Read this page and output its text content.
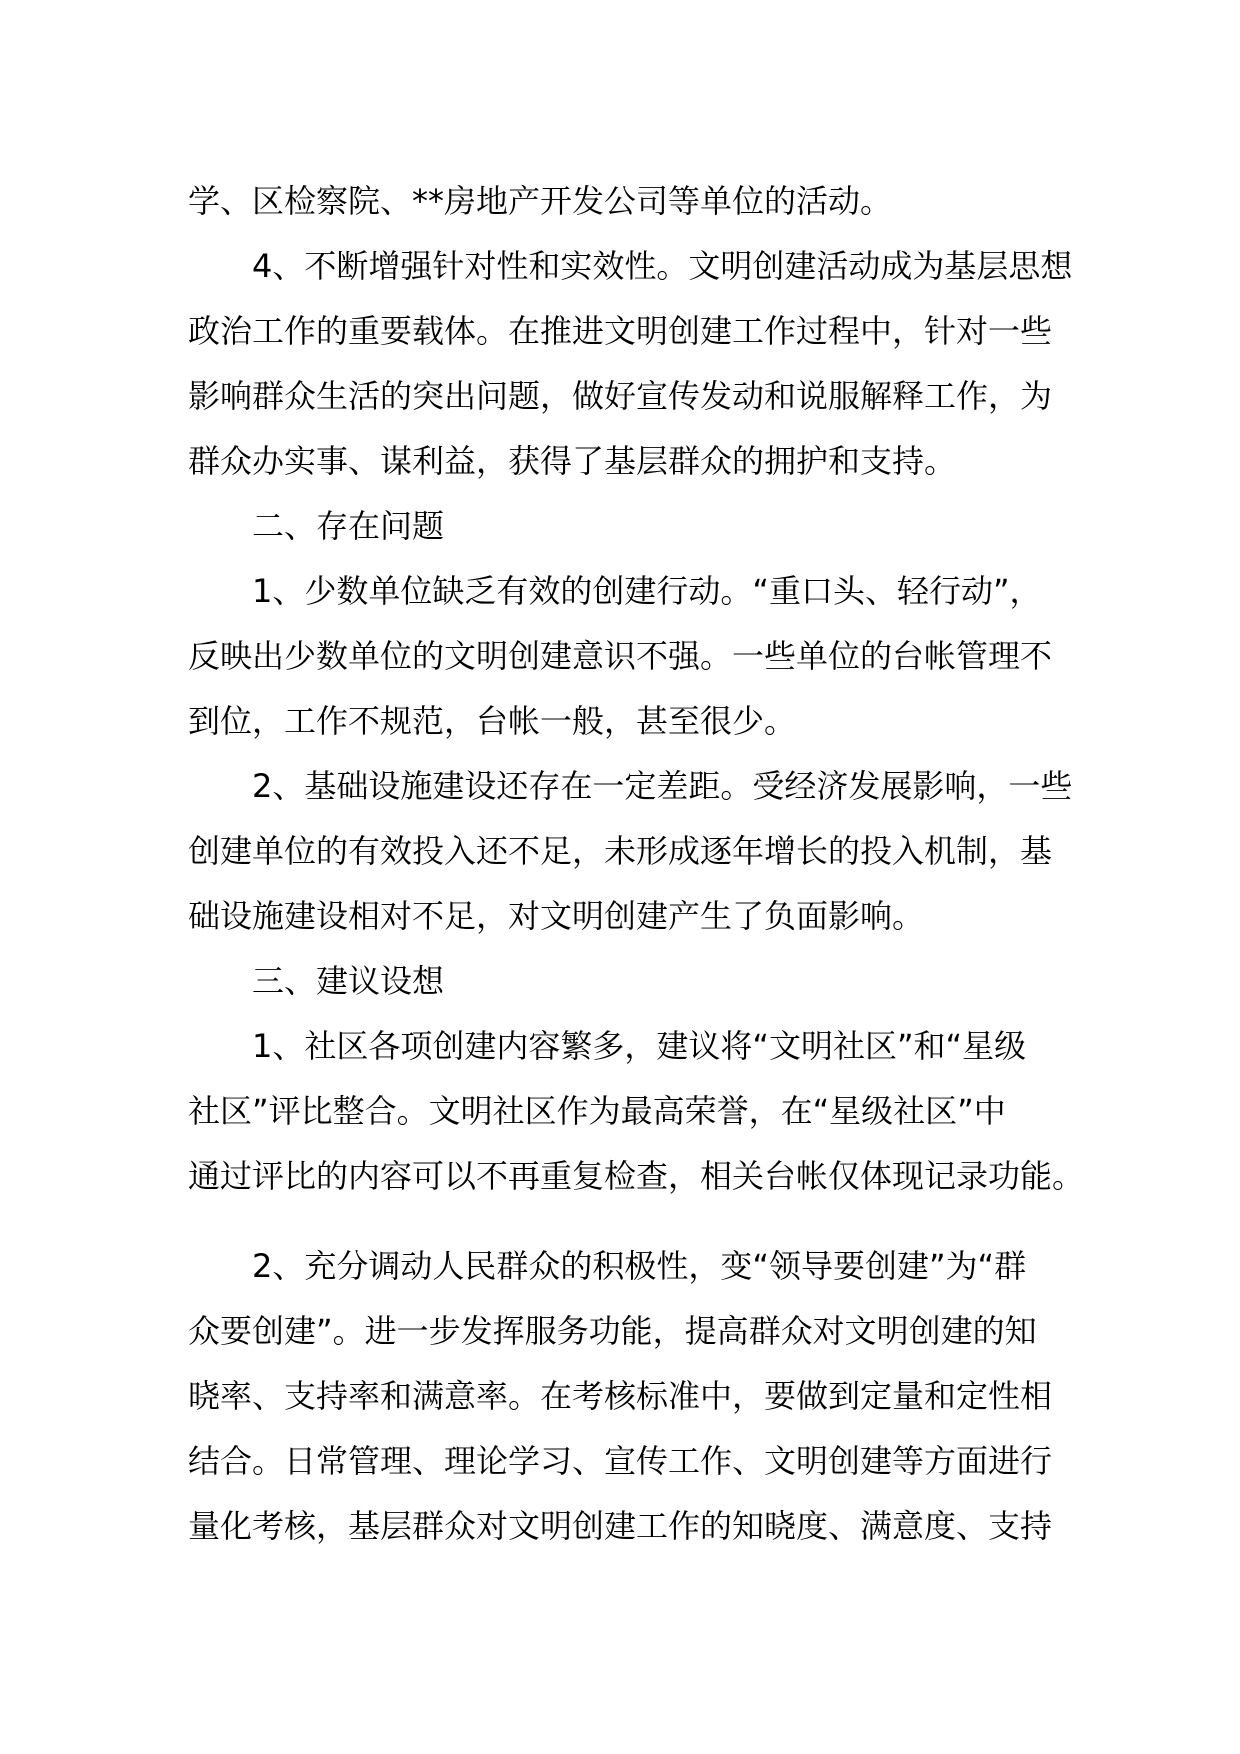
学、区检察院、**房地产开发公司等单位的活动。
4、不断增强针对性和实效性。文明创建活动成为基层思想
政治工作的重要载体。在推进文明创建工作过程中，针对一些
影响群众生活的突出问题，做好宣传发动和说服解释工作，为
群众办实事、谋利益，获得了基层群众的拥护和支持。
二、存在问题
1、少数单位缺乏有效的创建行动。“重口头、轻行动”，
反映出少数单位的文明创建意识不强。一些单位的台帐管理不
到位，工作不规范，台帐一般，甚至很少。
2、基础设施建设还存在一定差距。受经济发展影响，一些
创建单位的有效投入还不足，未形成逐年增长的投入机制，基
础设施建设相对不足，对文明创建产生了负面影响。
三、建议设想
1、社区各项创建内容繁多，建议将“文明社区”和“星级
社区”评比整合。文明社区作为最高荣誉，在“星级社区”中
通过评比的内容可以不再重复检查，相关台帐仅体现记录功能。
2、充分调动人民群众的积极性，变“领导要创建”为“群
众要创建”。进一步发挥服务功能，提高群众对文明创建的知
晓率、支持率和满意率。在考核标准中，要做到定量和定性相
结合。日常管理、理论学习、宣传工作、文明创建等方面进行
量化考核，基层群众对文明创建工作的知晓度、满意度、支持
